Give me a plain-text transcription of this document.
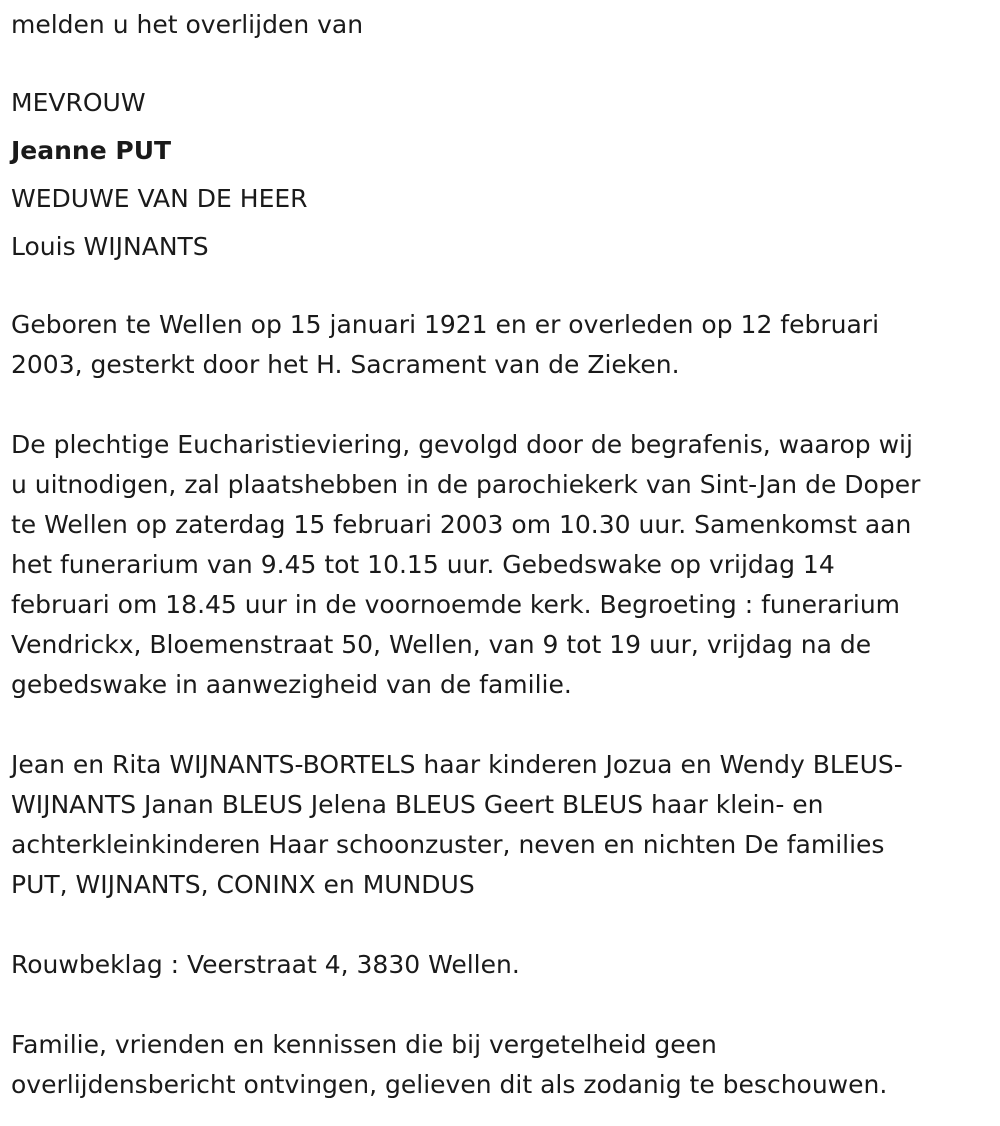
melden u het overlijden van

MEVROUW

Jeanne PUT

WEDUWE VAN DE HEER

Louis WIJNANTS

Geboren te Wellen op 15 januari 1921 en er overleden op 12 februari

2003, gesterkt door het H. Sacrament van de Zieken.

De plechtige Eucharistieviering, gevolgd door de begrafenis, waarop wij

u uitnodigen, zal plaatshebben in de parochiekerk van Sint-Jan de Doper

te Wellen op zaterdag 15 februari 2003 om 10.30 uur. Samenkomst aan

het funerarium van 9.45 tot 10.15 uur. Gebedswake op vrijdag 14

februari om 18.45 uur in de voornoemde kerk. Begroeting : funerarium

Vendrickx, Bloemenstraat 50, Wellen, van 9 tot 19 uur, vrijdag na de

gebedswake in aanwezigheid van de familie.

Jean en Rita WIJNANTS-BORTELS haar kinderen Jozua en Wendy BLEUS-

WIJNANTS Janan BLEUS Jelena BLEUS Geert BLEUS haar klein- en

achterkleinkinderen Haar schoonzuster, neven en nichten De families

PUT, WIJNANTS, CONINX en MUNDUS

Rouwbeklag : Veerstraat 4, 3830 Wellen.

Familie, vrienden en kennissen die bij vergetelheid geen

overlijdensbericht ontvingen, gelieven dit als zodanig te beschouwen.
